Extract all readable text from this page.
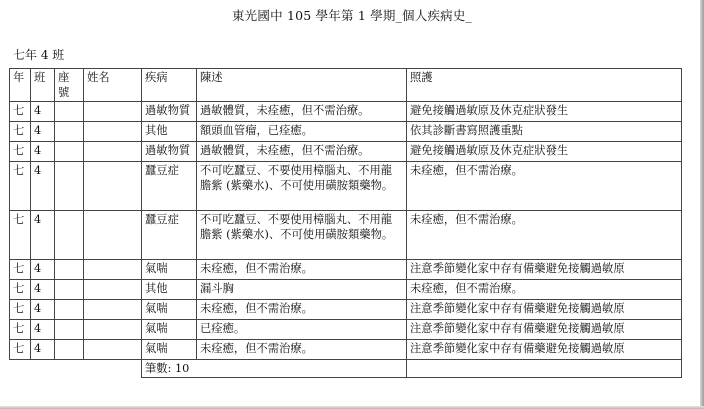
東光國中 105 學年第 1 學期_個人疾病史_
七年 4 班
年	班	座號	姓名	疾病	陳述	照護
七	4			過敏物質	過敏體質，未痊癒，但不需治療。	避免接觸過敏原及休克症狀發生
七	4			其他	額頭血管瘤，已痊癒。	依其診斷書寫照護重點
七	4			過敏物質	過敏體質，未痊癒，但不需治療。	避免接觸過敏原及休克症狀發生
七	4			蠶豆症	不可吃蠶豆、不要使用樟腦丸、不用龍膽紫 (紫藥水)、不可使用磺胺類藥物。	未痊癒，但不需治療。
七	4			蠶豆症	不可吃蠶豆、不要使用樟腦丸、不用龍膽紫 (紫藥水)、不可使用磺胺類藥物。	未痊癒，但不需治療。
七	4			氣喘	未痊癒，但不需治療。	注意季節變化家中存有備藥避免接觸過敏原
七	4			其他	漏斗胸	未痊癒，但不需治療。
七	4			氣喘	未痊癒，但不需治療。	注意季節變化家中存有備藥避免接觸過敏原
七	4			氣喘	已痊癒。	注意季節變化家中存有備藥避免接觸過敏原
七	4			氣喘	未痊癒，但不需治療。	注意季節變化家中存有備藥避免接觸過敏原
				筆數: 10		
